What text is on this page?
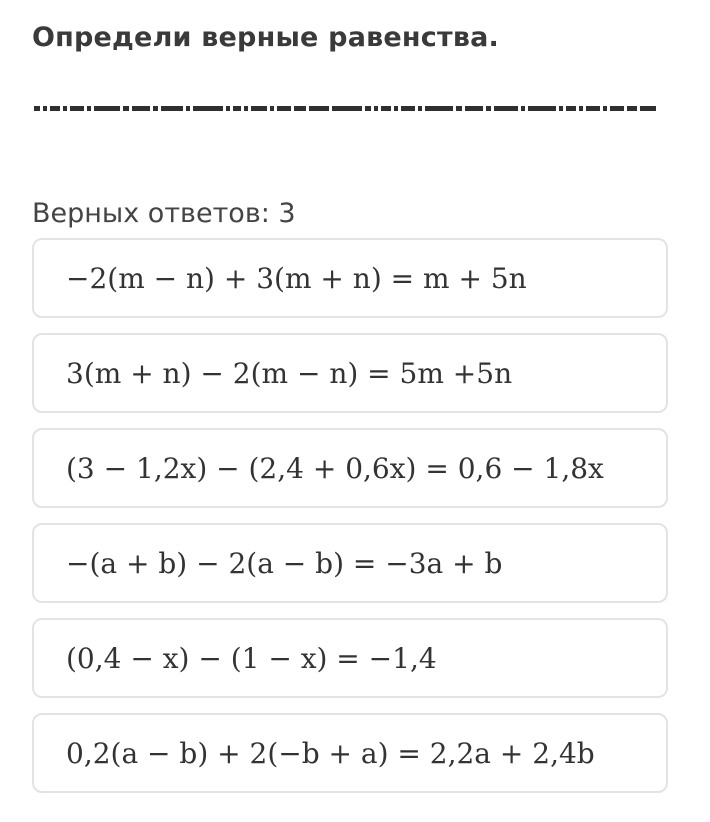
Определи верные равенства.
Верных ответов: 3
−2(m − n) + 3(m + n) = m + 5n
3(m + n) − 2(m − n) = 5m +5n
(3 − 1,2x) − (2,4 + 0,6x) = 0,6 − 1,8x
−(a + b) − 2(a − b) = −3a + b
(0,4 − x) − (1 − x) = −1,4
0,2(a − b) + 2(−b + a) = 2,2a + 2,4b
